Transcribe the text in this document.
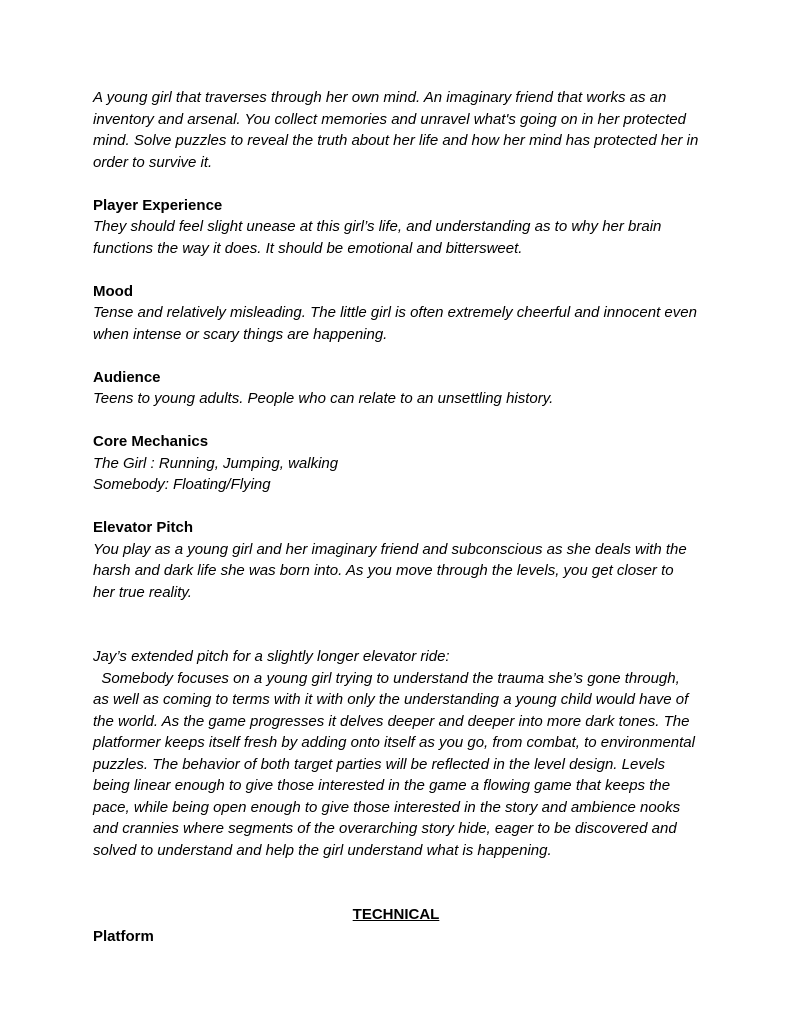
A young girl that traverses through her own mind. An imaginary friend that works as an inventory and arsenal. You collect memories and unravel what's going on in her protected mind. Solve puzzles to reveal the truth about her life and how her mind has protected her in order to survive it.

Player Experience

They should feel slight unease at this girl’s life, and understanding as to why her brain functions the way it does. It should be emotional and bittersweet.

Mood

Tense and relatively misleading. The little girl is often extremely cheerful and innocent even when intense or scary things are happening.

Audience

Teens to young adults. People who can relate to an unsettling history.

Core Mechanics

The Girl : Running, Jumping, walking

Somebody: Floating/Flying

Elevator Pitch

You play as a young girl and her imaginary friend and subconscious as she deals with the harsh and dark life she was born into. As you move through the levels, you get closer to her true reality.

Jay’s extended pitch for a slightly longer elevator ride:

Somebody focuses on a young girl trying to understand the trauma she’s gone through, as well as coming to terms with it with only the understanding a young child would have of the world. As the game progresses it delves deeper and deeper into more dark tones. The platformer keeps itself fresh by adding onto itself as you go, from combat, to environmental puzzles. The behavior of both target parties will be reflected in the level design. Levels being linear enough to give those interested in the game a flowing game that keeps the pace, while being open enough to give those interested in the story and ambience nooks and crannies where segments of the overarching story hide, eager to be discovered and solved to understand and help the girl understand what is happening.

TECHNICAL

Platform
